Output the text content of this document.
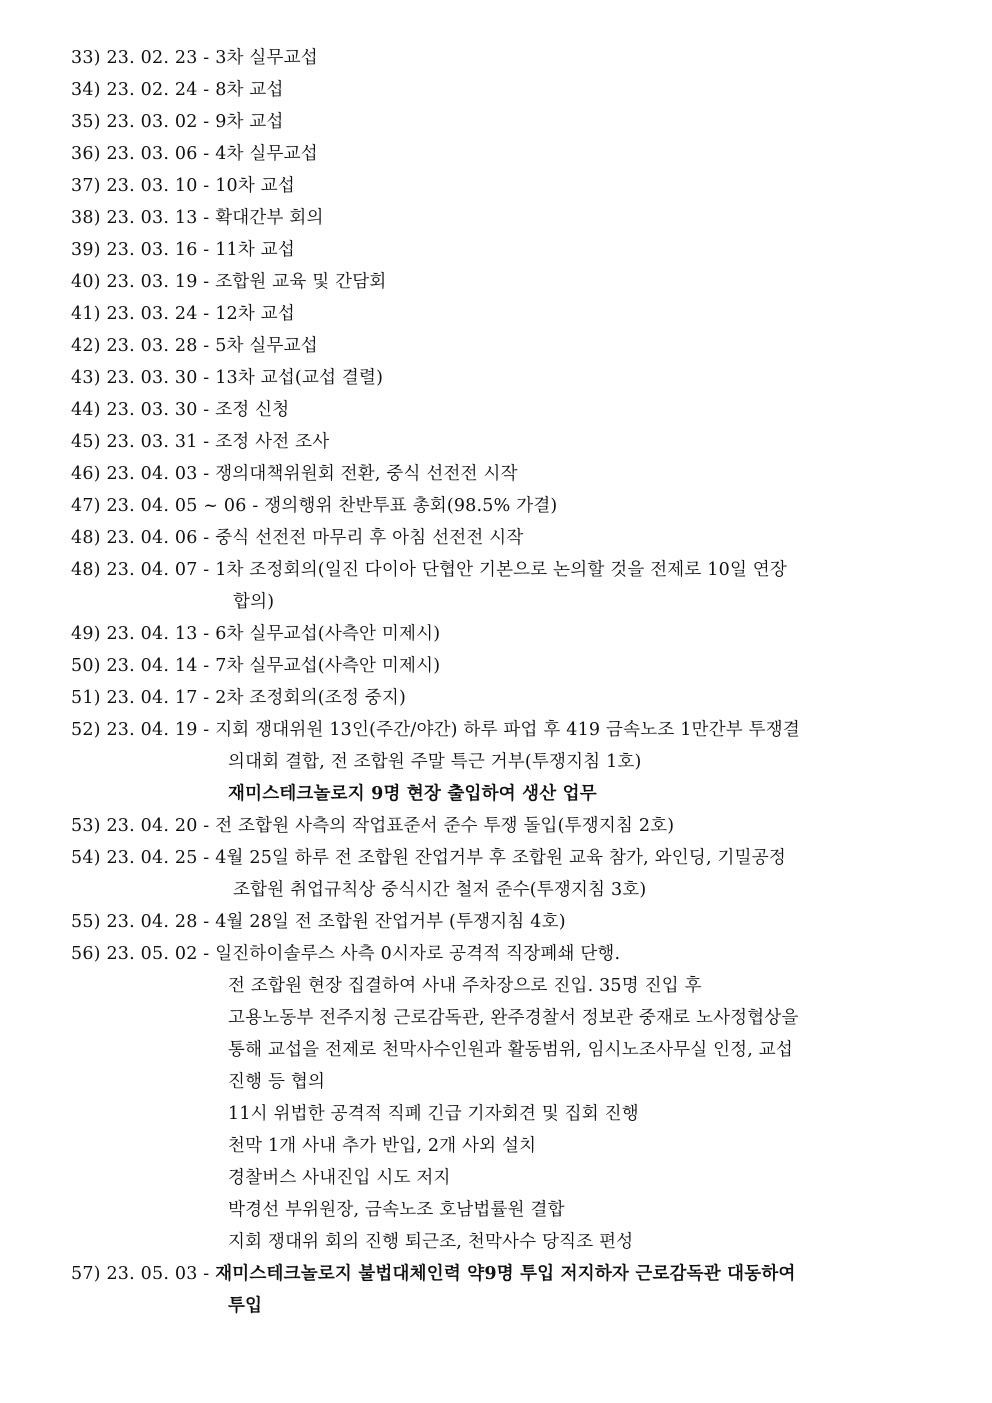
33) 23. 02. 23 - 3차 실무교섭
34) 23. 02. 24 - 8차 교섭
35) 23. 03. 02 - 9차 교섭
36) 23. 03. 06 - 4차 실무교섭
37) 23. 03. 10 - 10차 교섭
38) 23. 03. 13 - 확대간부 회의
39) 23. 03. 16 - 11차 교섭
40) 23. 03. 19 - 조합원 교육 및 간담회
41) 23. 03. 24 - 12차 교섭
42) 23. 03. 28 - 5차 실무교섭
43) 23. 03. 30 - 13차 교섭(교섭 결렬)
44) 23. 03. 30 - 조정 신청
45) 23. 03. 31 - 조정 사전 조사
46) 23. 04. 03 - 쟁의대책위원회 전환, 중식 선전전 시작
47) 23. 04. 05 ~ 06 - 쟁의행위 찬반투표 총회(98.5% 가결)
48) 23. 04. 06 - 중식 선전전 마무리 후 아침 선전전 시작
48) 23. 04. 07 - 1차 조정회의(일진 다이아 단협안 기본으로 논의할 것을 전제로 10일 연장
합의)
49) 23. 04. 13 - 6차 실무교섭(사측안 미제시)
50) 23. 04. 14 - 7차 실무교섭(사측안 미제시)
51) 23. 04. 17 - 2차 조정회의(조정 중지)
52) 23. 04. 19 - 지회 쟁대위원 13인(주간/야간) 하루 파업 후 419 금속노조 1만간부 투쟁결
의대회 결합, 전 조합원 주말 특근 거부(투쟁지침 1호)
재미스테크놀로지 9명 현장 출입하여 생산 업무
53) 23. 04. 20 - 전 조합원 사측의 작업표준서 준수 투쟁 돌입(투쟁지침 2호)
54) 23. 04. 25 - 4월 25일 하루 전 조합원 잔업거부 후 조합원 교육 참가, 와인딩, 기밀공정
조합원 취업규칙상 중식시간 철저 준수(투쟁지침 3호)
55) 23. 04. 28 - 4월 28일 전 조합원 잔업거부 (투쟁지침 4호)
56) 23. 05. 02 - 일진하이솔루스 사측 0시자로 공격적 직장폐쇄 단행.
전 조합원 현장 집결하여 사내 주차장으로 진입. 35명 진입 후
고용노동부 전주지청 근로감독관, 완주경찰서 정보관 중재로 노사정협상을
통해 교섭을 전제로 천막사수인원과 활동범위, 임시노조사무실 인정, 교섭
진행 등 협의
11시 위법한 공격적 직폐 긴급 기자회견 및 집회 진행
천막 1개 사내 추가 반입, 2개 사외 설치
경찰버스 사내진입 시도 저지
박경선 부위원장, 금속노조 호남법률원 결합
지회 쟁대위 회의 진행 퇴근조, 천막사수 당직조 편성
57) 23. 05. 03 - 재미스테크놀로지 불법대체인력 약9명 투입 저지하자 근로감독관 대동하여
투입
